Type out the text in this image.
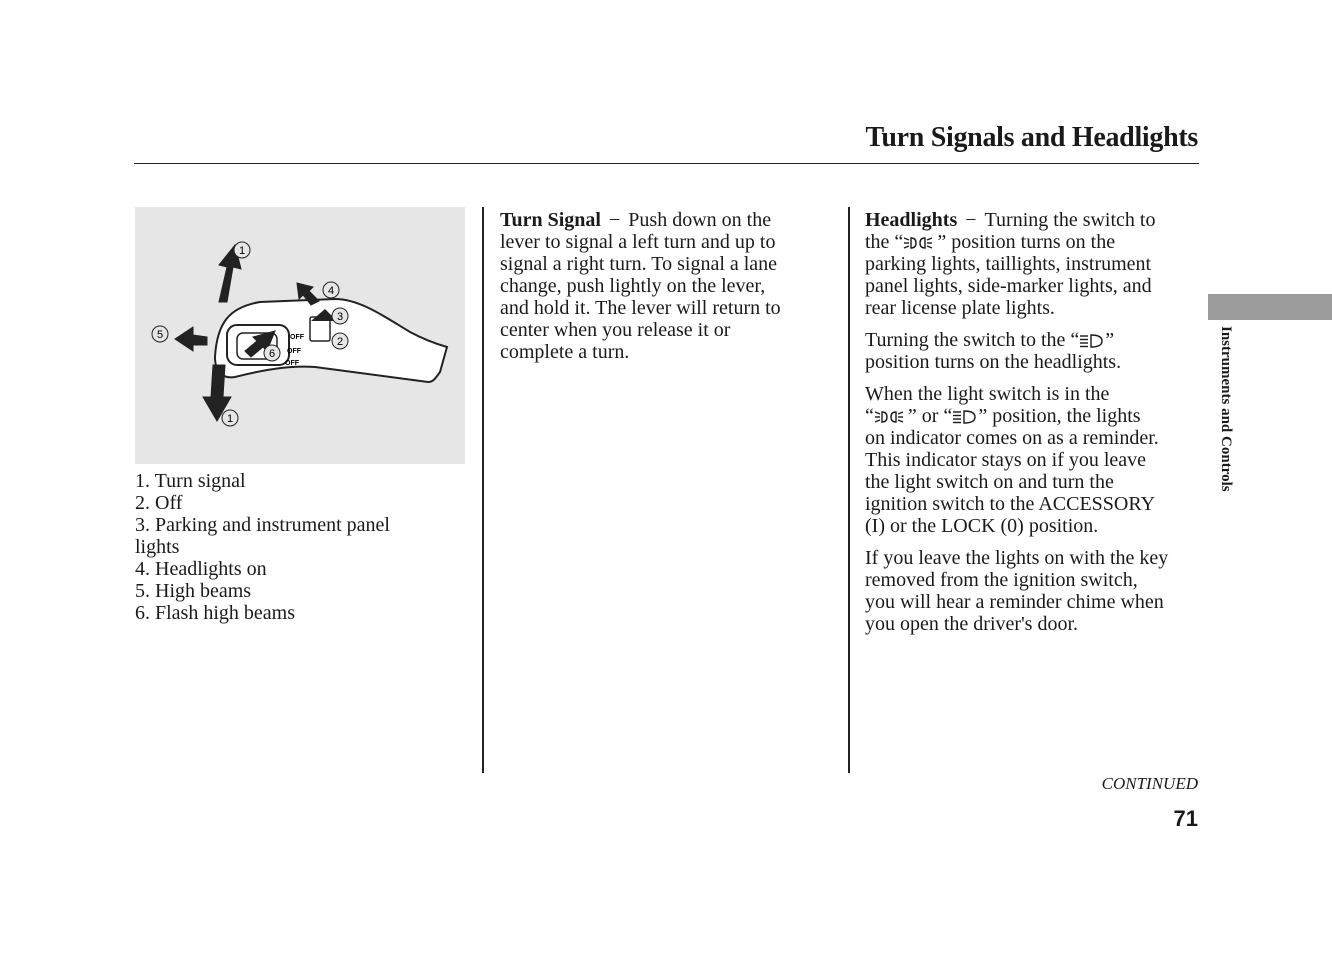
Turn Signals and Headlights
OFF
OFF
OFF
1
2
3
4
5
6
1
1. Turn signal
2. Off
3. Parking and instrument panel
lights
4. Headlights on
5. High beams
6. Flash high beams

Turn Signal − Push down on the
lever to signal a left turn and up to
signal a right turn. To signal a lane
change, push lightly on the lever,
and hold it. The lever will return to
center when you release it or
complete a turn.

Headlights − Turning the switch to
the “ ” position turns on the
parking lights, taillights, instrument
panel lights, side-marker lights, and
rear license plate lights.

Turning the switch to the “ ”
position turns on the headlights.

When the light switch is in the
“ ” or “ ” position, the lights
on indicator comes on as a reminder.
This indicator stays on if you leave
the light switch on and turn the
ignition switch to the ACCESSORY
(I) or the LOCK (0) position.

If you leave the lights on with the key
removed from the ignition switch,
you will hear a reminder chime when
you open the driver's door.

Instruments and Controls
CONTINUED
71
